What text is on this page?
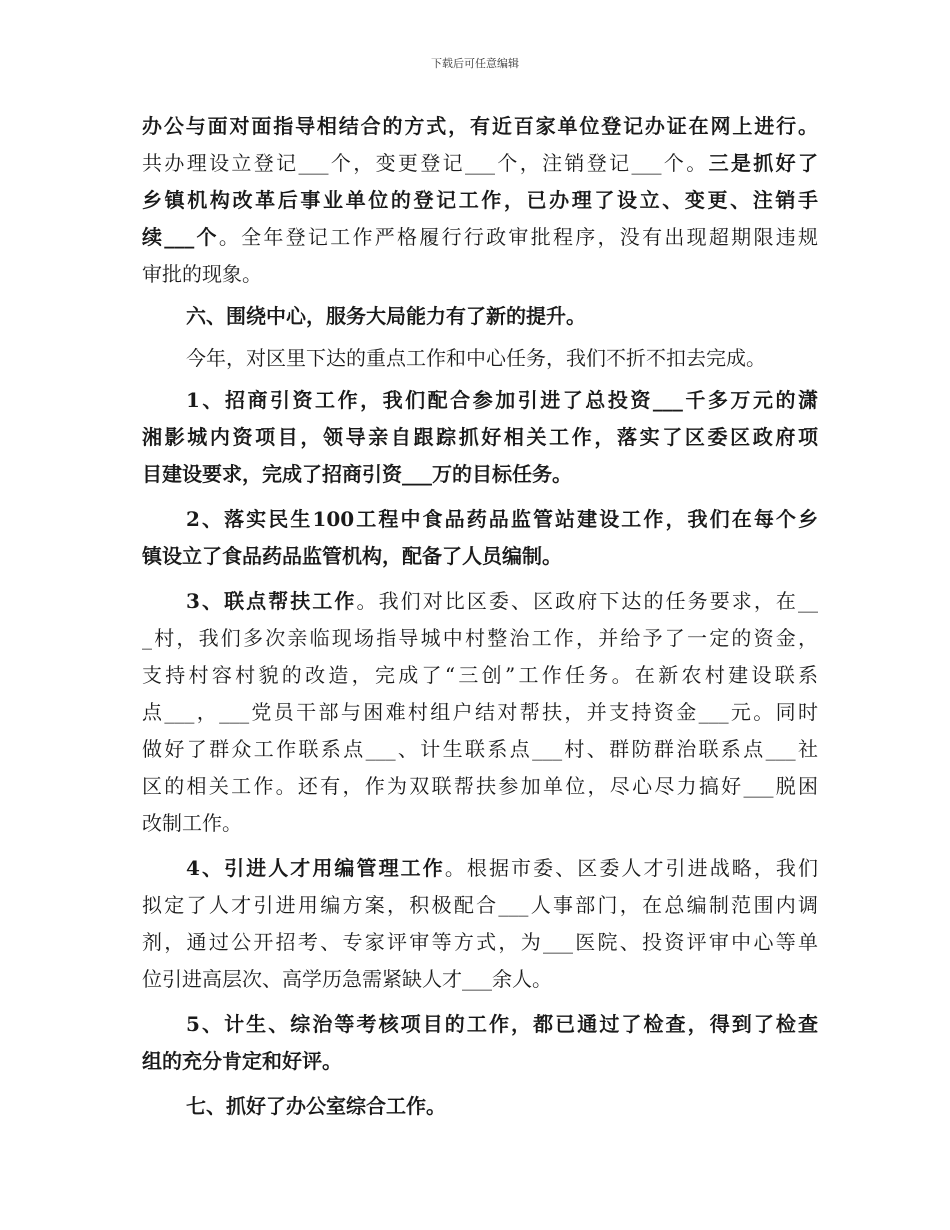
下载后可任意编辑
办公与面对面指导相结合的方式，有近百家单位登记办证在网上进行。
共办理设立登记___个，变更登记___个，注销登记___个。三是抓好了
乡镇机构改革后事业单位的登记工作，已办理了设立、变更、注销手
续___个。全年登记工作严格履行行政审批程序，没有出现超期限违规
审批的现象。
六、围绕中心，服务大局能力有了新的提升。
今年，对区里下达的重点工作和中心任务，我们不折不扣去完成。
1、招商引资工作，我们配合参加引进了总投资___千多万元的潇
湘影城内资项目，领导亲自跟踪抓好相关工作，落实了区委区政府项
目建设要求，完成了招商引资___万的目标任务。
2、落实民生100工程中食品药品监管站建设工作，我们在每个乡
镇设立了食品药品监管机构，配备了人员编制。
3、联点帮扶工作。我们对比区委、区政府下达的任务要求，在__
_村，我们多次亲临现场指导城中村整治工作，并给予了一定的资金，
支持村容村貌的改造，完成了“三创”工作任务。在新农村建设联系
点___，___党员干部与困难村组户结对帮扶，并支持资金___元。同时
做好了群众工作联系点___、计生联系点___村、群防群治联系点___社
区的相关工作。还有，作为双联帮扶参加单位，尽心尽力搞好___脱困
改制工作。
4、引进人才用编管理工作。根据市委、区委人才引进战略，我们
拟定了人才引进用编方案，积极配合___人事部门，在总编制范围内调
剂，通过公开招考、专家评审等方式，为___医院、投资评审中心等单
位引进高层次、高学历急需紧缺人才___余人。
5、计生、综治等考核项目的工作，都已通过了检查，得到了检查
组的充分肯定和好评。
七、抓好了办公室综合工作。
